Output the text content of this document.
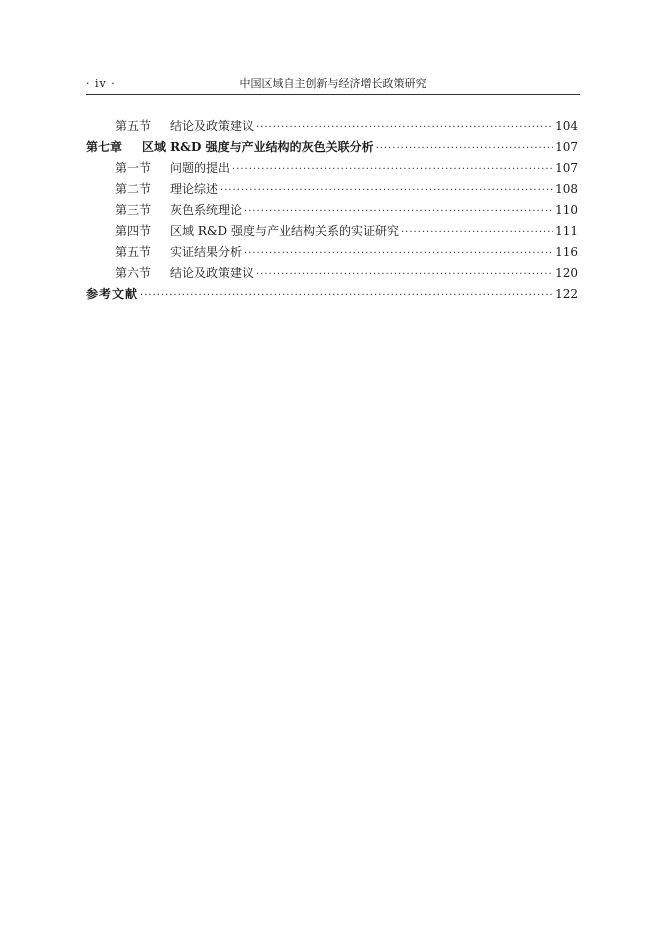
· iv ·	中国区域自主创新与经济增长政策研究
第五节	结论及政策建议 ·····	104
第七章	区域 R&D 强度与产业结构的灰色关联分析 ·····	107
第一节	问题的提出 ·····	107
第二节	理论综述 ·····	108
第三节	灰色系统理论 ·····	110
第四节	区域 R&D 强度与产业结构关系的实证研究 ·····	111
第五节	实证结果分析 ·····	116
第六节	结论及政策建议 ·····	120
参考文献 ·····	122
